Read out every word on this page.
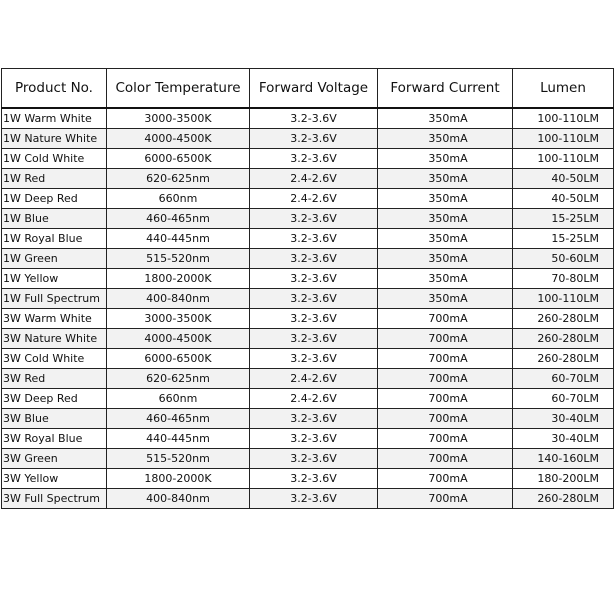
Product No.	Color Temperature	Forward Voltage	Forward Current	Lumen
1W Warm White	3000-3500K	3.2-3.6V	350mA	100-110LM
1W Nature White	4000-4500K	3.2-3.6V	350mA	100-110LM
1W Cold White	6000-6500K	3.2-3.6V	350mA	100-110LM
1W Red	620-625nm	2.4-2.6V	350mA	40-50LM
1W Deep Red	660nm	2.4-2.6V	350mA	40-50LM
1W Blue	460-465nm	3.2-3.6V	350mA	15-25LM
1W Royal Blue	440-445nm	3.2-3.6V	350mA	15-25LM
1W Green	515-520nm	3.2-3.6V	350mA	50-60LM
1W Yellow	1800-2000K	3.2-3.6V	350mA	70-80LM
1W Full Spectrum	400-840nm	3.2-3.6V	350mA	100-110LM
3W Warm White	3000-3500K	3.2-3.6V	700mA	260-280LM
3W Nature White	4000-4500K	3.2-3.6V	700mA	260-280LM
3W Cold White	6000-6500K	3.2-3.6V	700mA	260-280LM
3W Red	620-625nm	2.4-2.6V	700mA	60-70LM
3W Deep Red	660nm	2.4-2.6V	700mA	60-70LM
3W Blue	460-465nm	3.2-3.6V	700mA	30-40LM
3W Royal Blue	440-445nm	3.2-3.6V	700mA	30-40LM
3W Green	515-520nm	3.2-3.6V	700mA	140-160LM
3W Yellow	1800-2000K	3.2-3.6V	700mA	180-200LM
3W Full Spectrum	400-840nm	3.2-3.6V	700mA	260-280LM
